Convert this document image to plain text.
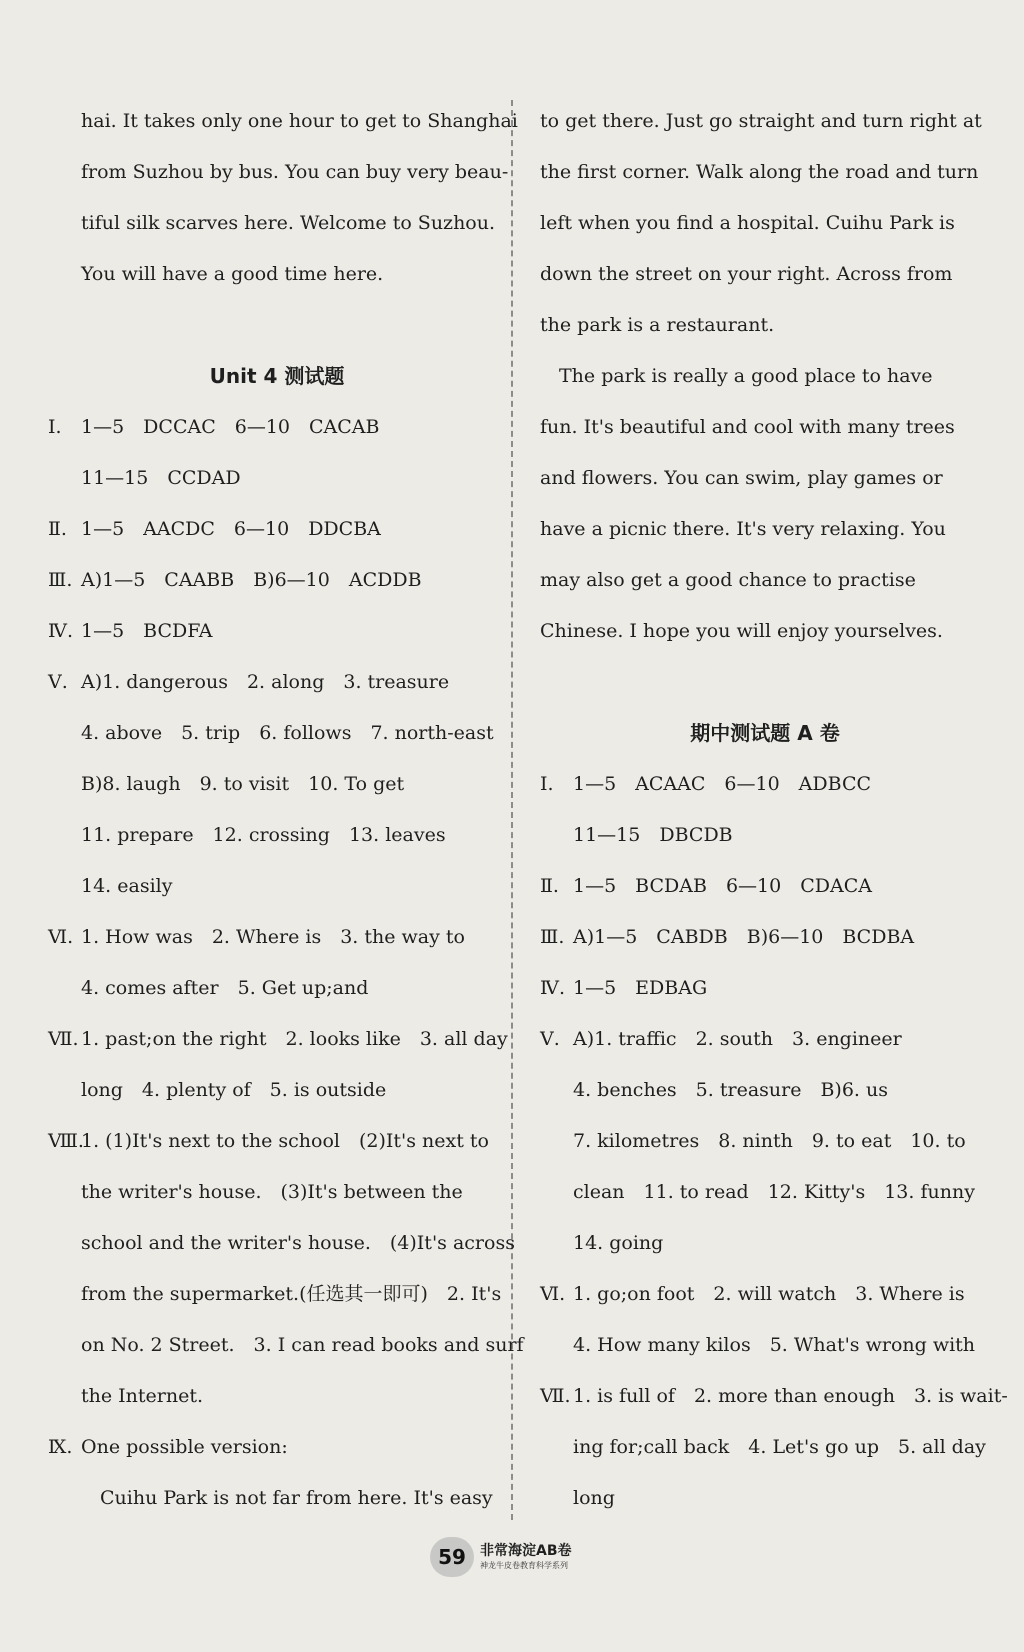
hai. It takes only one hour to get to Shanghai
from Suzhou by bus. You can buy very beau-
tiful silk scarves here. Welcome to Suzhou.
You will have a good time here.
Unit 4 测试题
Ⅰ.	1—5　DCCAC　6—10　CACAB
11—15　CCDAD
Ⅱ. 1—5　AACDC　6—10　DDCBA
Ⅲ. A)1—5　CAABB　B)6—10　ACDDB
Ⅳ. 1—5　BCDFA
Ⅴ. A)1. dangerous　2. along　3. treasure
4. above　5. trip　6. follows　7. north-east
B)8. laugh　9. to visit　10. To get
11. prepare　12. crossing　13. leaves
14. easily
Ⅵ. 1. How was　2. Where is　3. the way to
4. comes after　5. Get up;and
Ⅶ. 1. past;on the right　2. looks like　3. all day
long　4. plenty of　5. is outside
Ⅷ.
1. (1)It's next to the school　(2)It's next to
the writer's house.　(3)It's between the
school and the writer's house.　(4)It's across
from the supermarket.(任选其一即可)　2. It's
on No. 2 Street.　3. I can read books and surf
the Internet.
Ⅸ. One possible version:
　Cuihu Park is not far from here. It's easy
to get there. Just go straight and turn right at
the first corner. Walk along the road and turn
left when you find a hospital. Cuihu Park is
down the street on your right. Across from
the park is a restaurant.
　The park is really a good place to have
fun. It's beautiful and cool with many trees
and flowers. You can swim, play games or
have a picnic there. It's very relaxing. You
may also get a good chance to practise
Chinese. I hope you will enjoy yourselves.
期中测试题 A 卷
Ⅰ.	1—5　ACAAC　6—10　ADBCC
11—15　DBCDB
Ⅱ. 1—5　BCDAB　6—10　CDACA
Ⅲ. A)1—5　CABDB　B)6—10　BCDBA
Ⅳ. 1—5　EDBAG
Ⅴ. A)1. traffic　2. south　3. engineer
4. benches　5. treasure　B)6. us
7. kilometres　8. ninth　9. to eat　10. to
clean　11. to read　12. Kitty's　13. funny
14. going
Ⅵ. 1. go;on foot　2. will watch　3. Where is
4. How many kilos　5. What's wrong with
Ⅶ. 1. is full of　2. more than enough　3. is wait-
ing for;call back　4. Let's go up　5. all day
long
59	非常海淀AB卷
神龙牛皮卷教育科学系列
